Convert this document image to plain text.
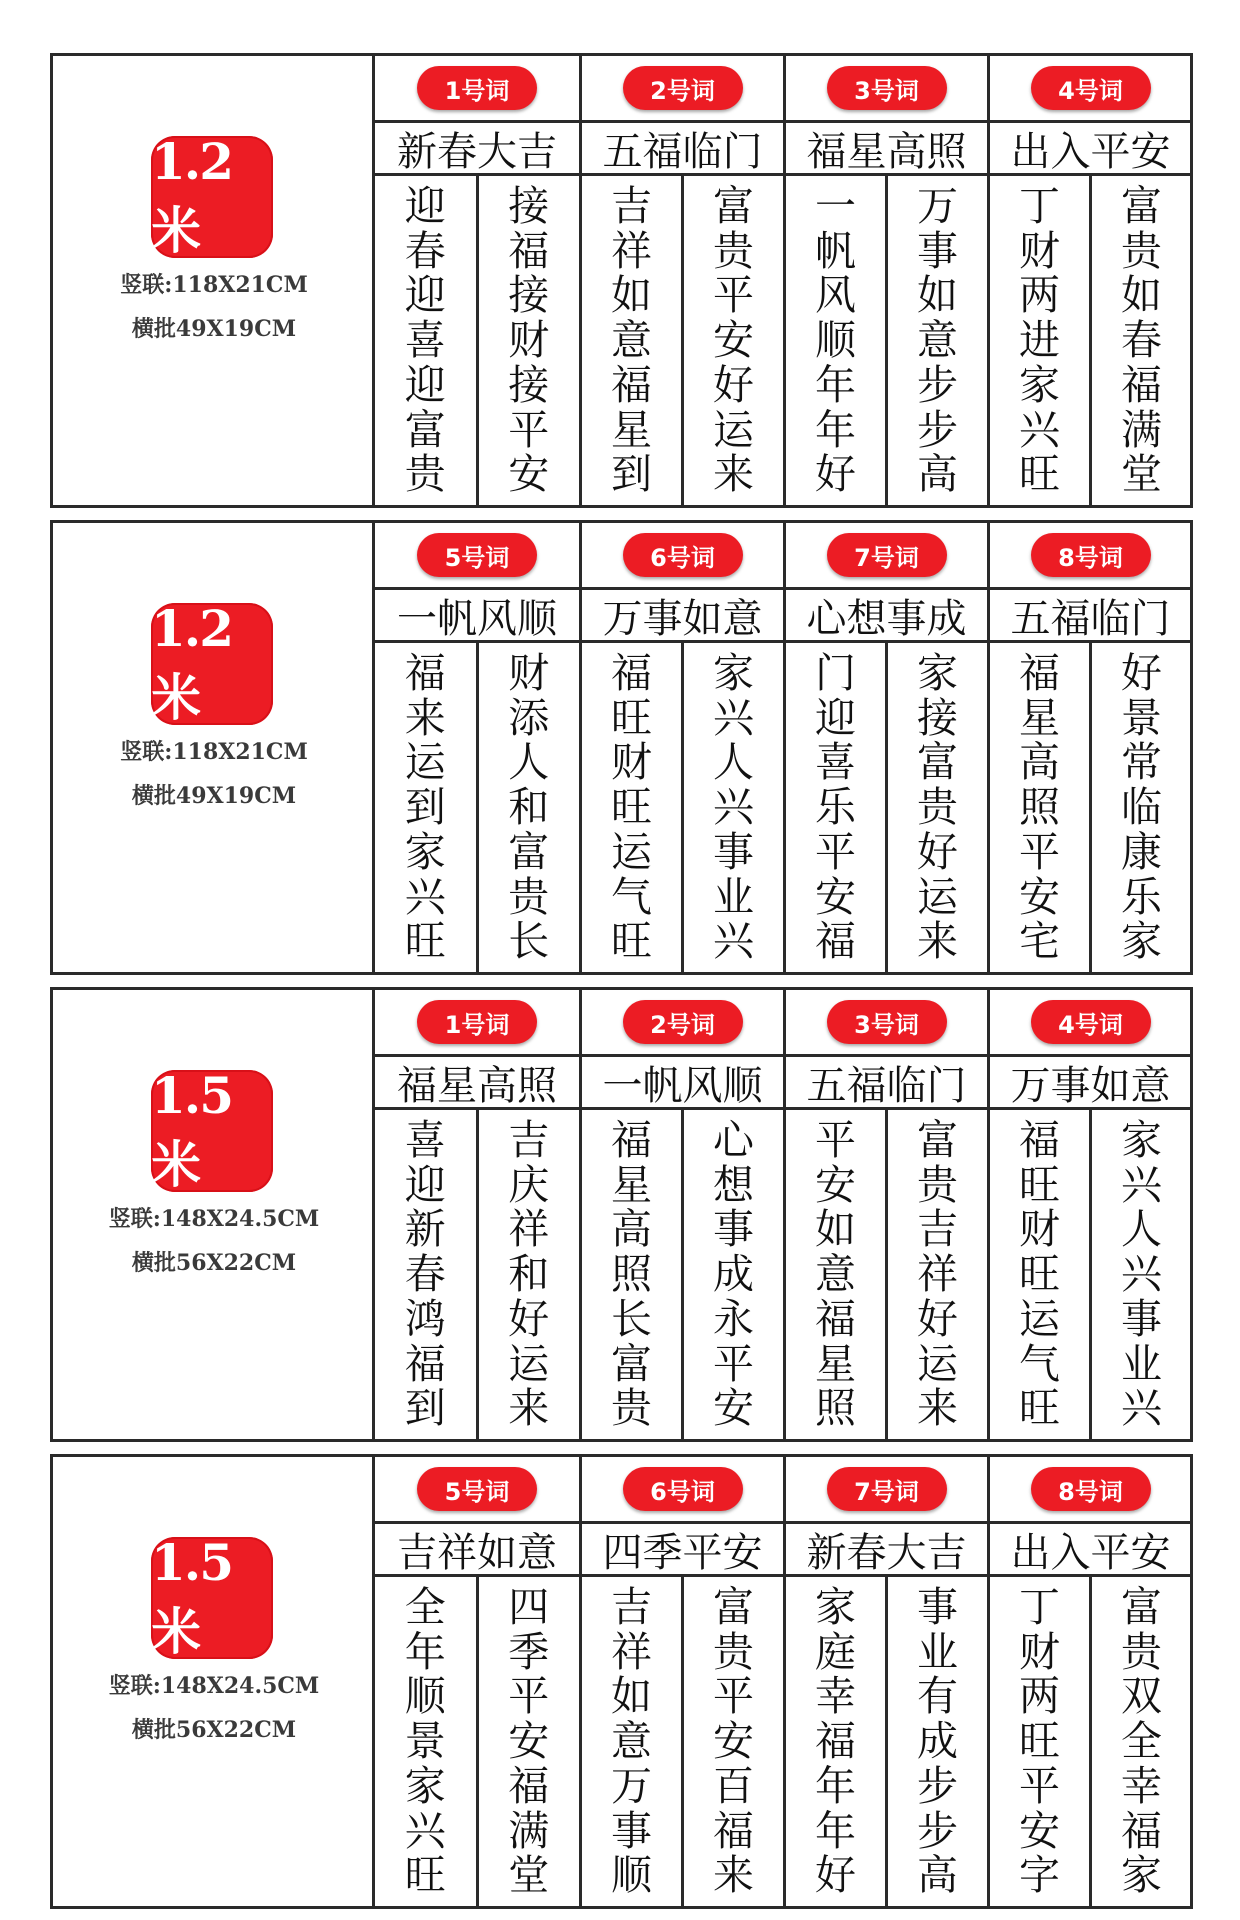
1.2米
竖联:118X21CM
横批49X19CM
1号词
新春大吉
迎
春
迎
喜
迎
富
贵
接
福
接
财
接
平
安
2号词
五福临门
吉
祥
如
意
福
星
到
富
贵
平
安
好
运
来
3号词
福星高照
一
帆
风
顺
年
年
好
万
事
如
意
步
步
高
4号词
出入平安
丁
财
两
进
家
兴
旺
富
贵
如
春
福
满
堂
1.2米
竖联:118X21CM
横批49X19CM
5号词
一帆风顺
福
来
运
到
家
兴
旺
财
添
人
和
富
贵
长
6号词
万事如意
福
旺
财
旺
运
气
旺
家
兴
人
兴
事
业
兴
7号词
心想事成
门
迎
喜
乐
平
安
福
家
接
富
贵
好
运
来
8号词
五福临门
福
星
高
照
平
安
宅
好
景
常
临
康
乐
家
1.5米
竖联:148X24.5CM
横批56X22CM
1号词
福星高照
喜
迎
新
春
鸿
福
到
吉
庆
祥
和
好
运
来
2号词
一帆风顺
福
星
高
照
长
富
贵
心
想
事
成
永
平
安
3号词
五福临门
平
安
如
意
福
星
照
富
贵
吉
祥
好
运
来
4号词
万事如意
福
旺
财
旺
运
气
旺
家
兴
人
兴
事
业
兴
1.5米
竖联:148X24.5CM
横批56X22CM
5号词
吉祥如意
全
年
顺
景
家
兴
旺
四
季
平
安
福
满
堂
6号词
四季平安
吉
祥
如
意
万
事
顺
富
贵
平
安
百
福
来
7号词
新春大吉
家
庭
幸
福
年
年
好
事
业
有
成
步
步
高
8号词
出入平安
丁
财
两
旺
平
安
字
富
贵
双
全
幸
福
家
